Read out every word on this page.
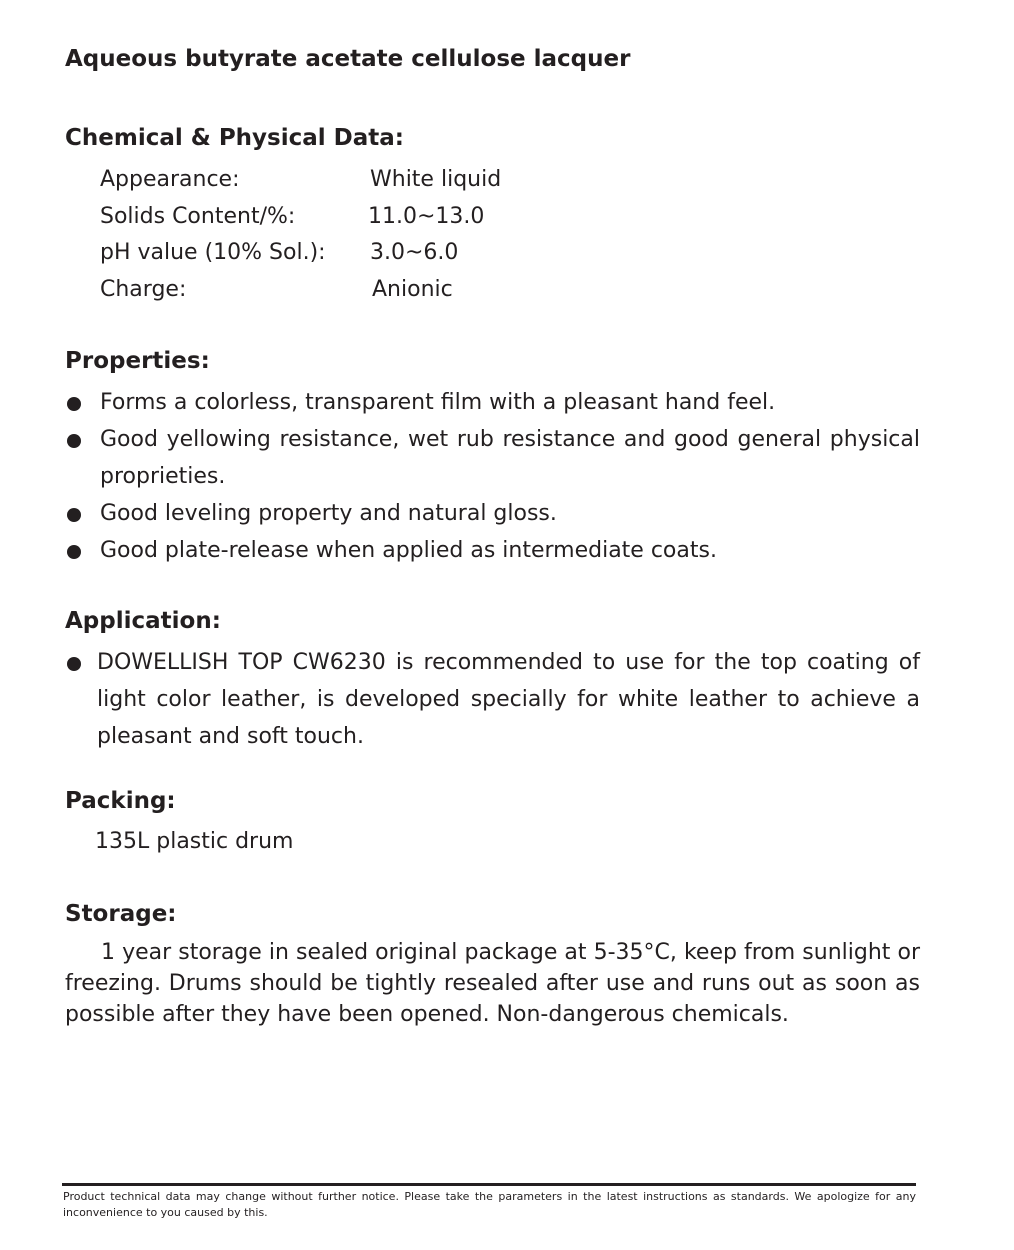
Aqueous butyrate acetate cellulose lacquer
Chemical & Physical Data:
Appearance:	White liquid
Solids Content/%:	11.0~13.0
pH value (10% Sol.): 3.0~6.0
Charge:	Anionic
Properties:
Forms a colorless, transparent film with a pleasant hand feel.
Good yellowing resistance, wet rub resistance and good general physical proprieties.
Good leveling property and natural gloss.
Good plate-release when applied as intermediate coats.
Application:
DOWELLISH TOP CW6230 is recommended to use for the top coating of light color leather, is developed specially for white leather to achieve a pleasant and soft touch.
Packing:
135L plastic drum
Storage:

1 year storage in sealed original package at 5-35°C, keep from sunlight or freezing. Drums should be tightly resealed after use and runs out as soon as possible after they have been opened. Non-dangerous chemicals.

Product technical data may change without further notice. Please take the parameters in the latest instructions as standards. We apologize for any inconvenience to you caused by this.
